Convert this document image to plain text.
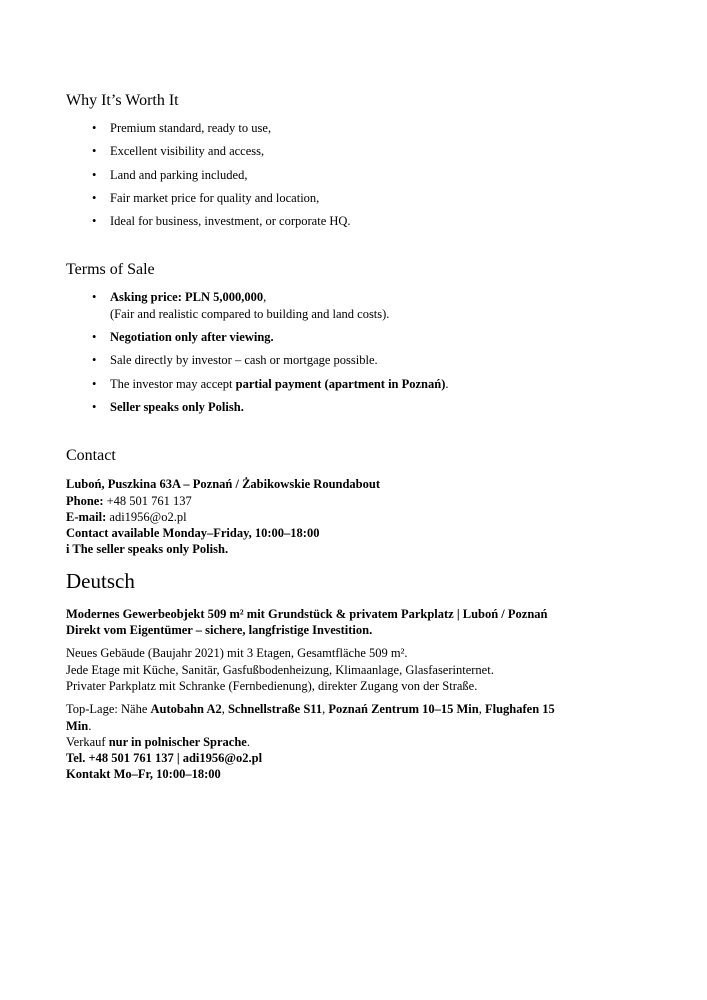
Why It’s Worth It
• Premium standard, ready to use,
• Excellent visibility and access,
• Land and parking included,
• Fair market price for quality and location,
• Ideal for business, investment, or corporate HQ.
Terms of Sale
• Asking price: PLN 5,000,000,
(Fair and realistic compared to building and land costs).
• Negotiation only after viewing.
• Sale directly by investor – cash or mortgage possible.
• The investor may accept partial payment (apartment in Poznań).
• Seller speaks only Polish.
Contact
Luboń, Puszkina 63A – Poznań / Żabikowskie Roundabout
Phone: +48 501 761 137
E-mail: adi1956@o2.pl
Contact available Monday–Friday, 10:00–18:00
i The seller speaks only Polish.
Deutsch
Modernes Gewerbeobjekt 509 m² mit Grundstück & privatem Parkplatz | Luboń / Poznań
Direkt vom Eigentümer – sichere, langfristige Investition.
Neues Gebäude (Baujahr 2021) mit 3 Etagen, Gesamtfläche 509 m².
Jede Etage mit Küche, Sanitär, Gasfußbodenheizung, Klimaanlage, Glasfaserinternet.
Privater Parkplatz mit Schranke (Fernbedienung), direkter Zugang von der Straße.
Top-Lage: Nähe Autobahn A2, Schnellstraße S11, Poznań Zentrum 10–15 Min, Flughafen 15
Min.
Verkauf nur in polnischer Sprache.
Tel. +48 501 761 137 | adi1956@o2.pl
Kontakt Mo–Fr, 10:00–18:00
